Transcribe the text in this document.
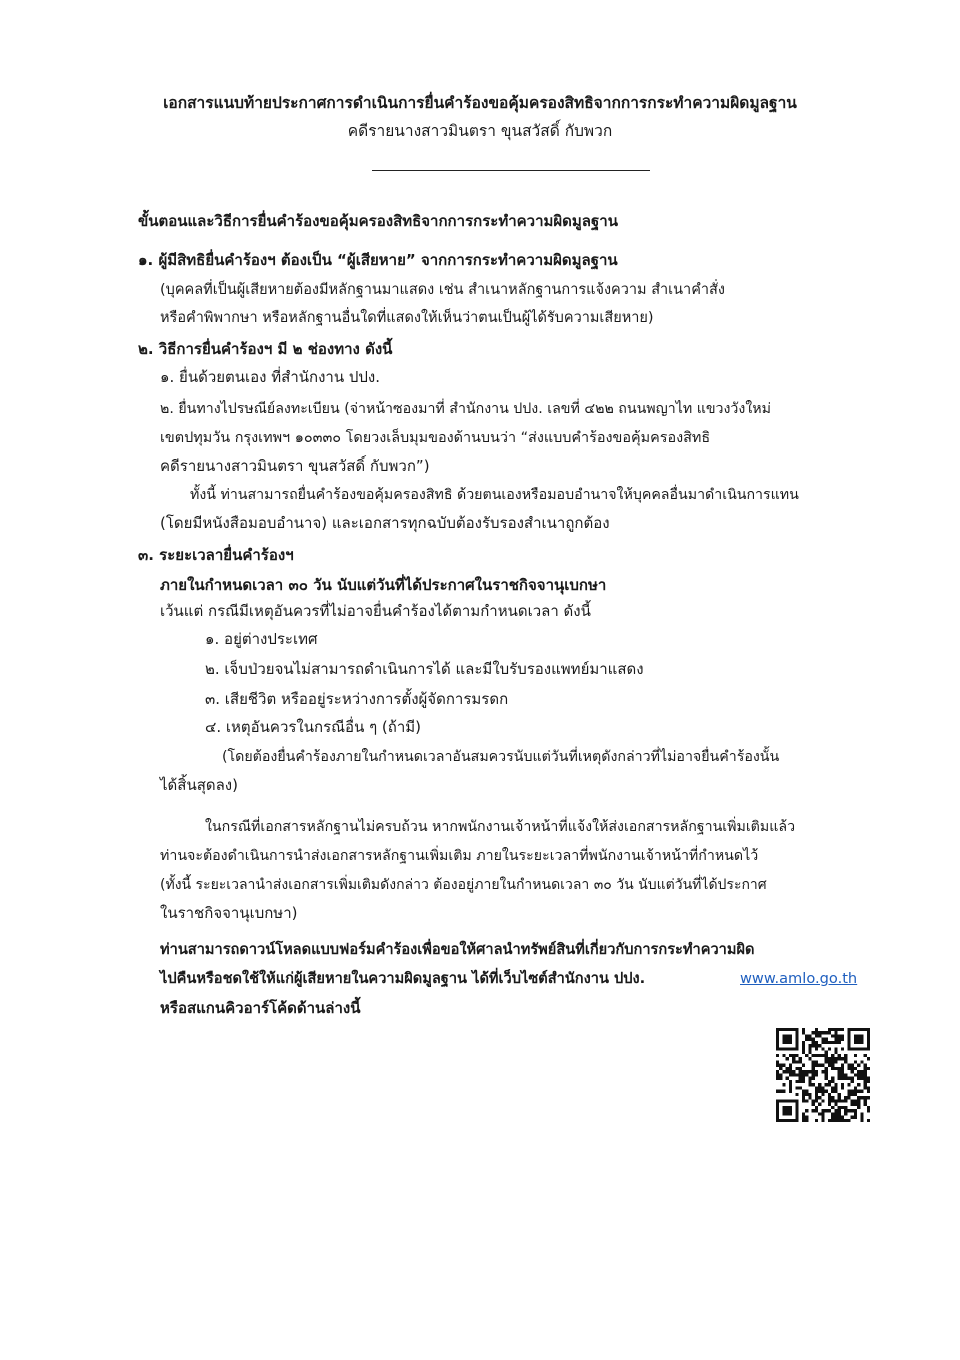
เอกสารแนบท้ายประกาศการดำเนินการยื่นคำร้องขอคุ้มครองสิทธิจากการกระทำความผิดมูลฐาน
คดีรายนางสาวมินตรา ขุนสวัสดิ์ กับพวก
ขั้นตอนและวิธีการยื่นคำร้องขอคุ้มครองสิทธิจากการกระทำความผิดมูลฐาน
๑. ผู้มีสิทธิยื่นคำร้องฯ ต้องเป็น “ผู้เสียหาย” จากการกระทำความผิดมูลฐาน
(บุคคลที่เป็นผู้เสียหายต้องมีหลักฐานมาแสดง เช่น สำเนาหลักฐานการแจ้งความ สำเนาคำสั่ง
หรือคำพิพากษา หรือหลักฐานอื่นใดที่แสดงให้เห็นว่าตนเป็นผู้ได้รับความเสียหาย)
๒. วิธีการยื่นคำร้องฯ มี ๒ ช่องทาง ดังนี้
๑. ยื่นด้วยตนเอง ที่สำนักงาน ปปง.
๒. ยื่นทางไปรษณีย์ลงทะเบียน (จ่าหน้าซองมาที่ สำนักงาน ปปง. เลขที่ ๔๒๒ ถนนพญาไท แขวงวังใหม่
เขตปทุมวัน กรุงเทพฯ ๑๐๓๓๐ โดยวงเล็บมุมของด้านบนว่า “ส่งแบบคำร้องขอคุ้มครองสิทธิ
คดีรายนางสาวมินตรา ขุนสวัสดิ์ กับพวก”)
ทั้งนี้ ท่านสามารถยื่นคำร้องขอคุ้มครองสิทธิ ด้วยตนเองหรือมอบอำนาจให้บุคคลอื่นมาดำเนินการแทน
(โดยมีหนังสือมอบอำนาจ) และเอกสารทุกฉบับต้องรับรองสำเนาถูกต้อง
๓. ระยะเวลายื่นคำร้องฯ
ภายในกำหนดเวลา ๓๐ วัน นับแต่วันที่ได้ประกาศในราชกิจจานุเบกษา
เว้นแต่ กรณีมีเหตุอันควรที่ไม่อาจยื่นคำร้องได้ตามกำหนดเวลา ดังนี้
๑. อยู่ต่างประเทศ
๒. เจ็บป่วยจนไม่สามารถดำเนินการได้ และมีใบรับรองแพทย์มาแสดง
๓. เสียชีวิต หรืออยู่ระหว่างการตั้งผู้จัดการมรดก
๔. เหตุอันควรในกรณีอื่น ๆ (ถ้ามี)
(โดยต้องยื่นคำร้องภายในกำหนดเวลาอันสมควรนับแต่วันที่เหตุดังกล่าวที่ไม่อาจยื่นคำร้องนั้น
ได้สิ้นสุดลง)
ในกรณีที่เอกสารหลักฐานไม่ครบถ้วน หากพนักงานเจ้าหน้าที่แจ้งให้ส่งเอกสารหลักฐานเพิ่มเติมแล้ว
ท่านจะต้องดำเนินการนำส่งเอกสารหลักฐานเพิ่มเติม ภายในระยะเวลาที่พนักงานเจ้าหน้าที่กำหนดไว้
(ทั้งนี้ ระยะเวลานำส่งเอกสารเพิ่มเติมดังกล่าว ต้องอยู่ภายในกำหนดเวลา ๓๐ วัน นับแต่วันที่ได้ประกาศ
ในราชกิจจานุเบกษา)
ท่านสามารถดาวน์โหลดแบบฟอร์มคำร้องเพื่อขอให้ศาลนำทรัพย์สินที่เกี่ยวกับการกระทำความผิด
ไปคืนหรือชดใช้ให้แก่ผู้เสียหายในความผิดมูลฐาน ได้ที่เว็บไซต์สำนักงาน ปปง.	www.amlo.go.th
หรือสแกนคิวอาร์โค้ดด้านล่างนี้
